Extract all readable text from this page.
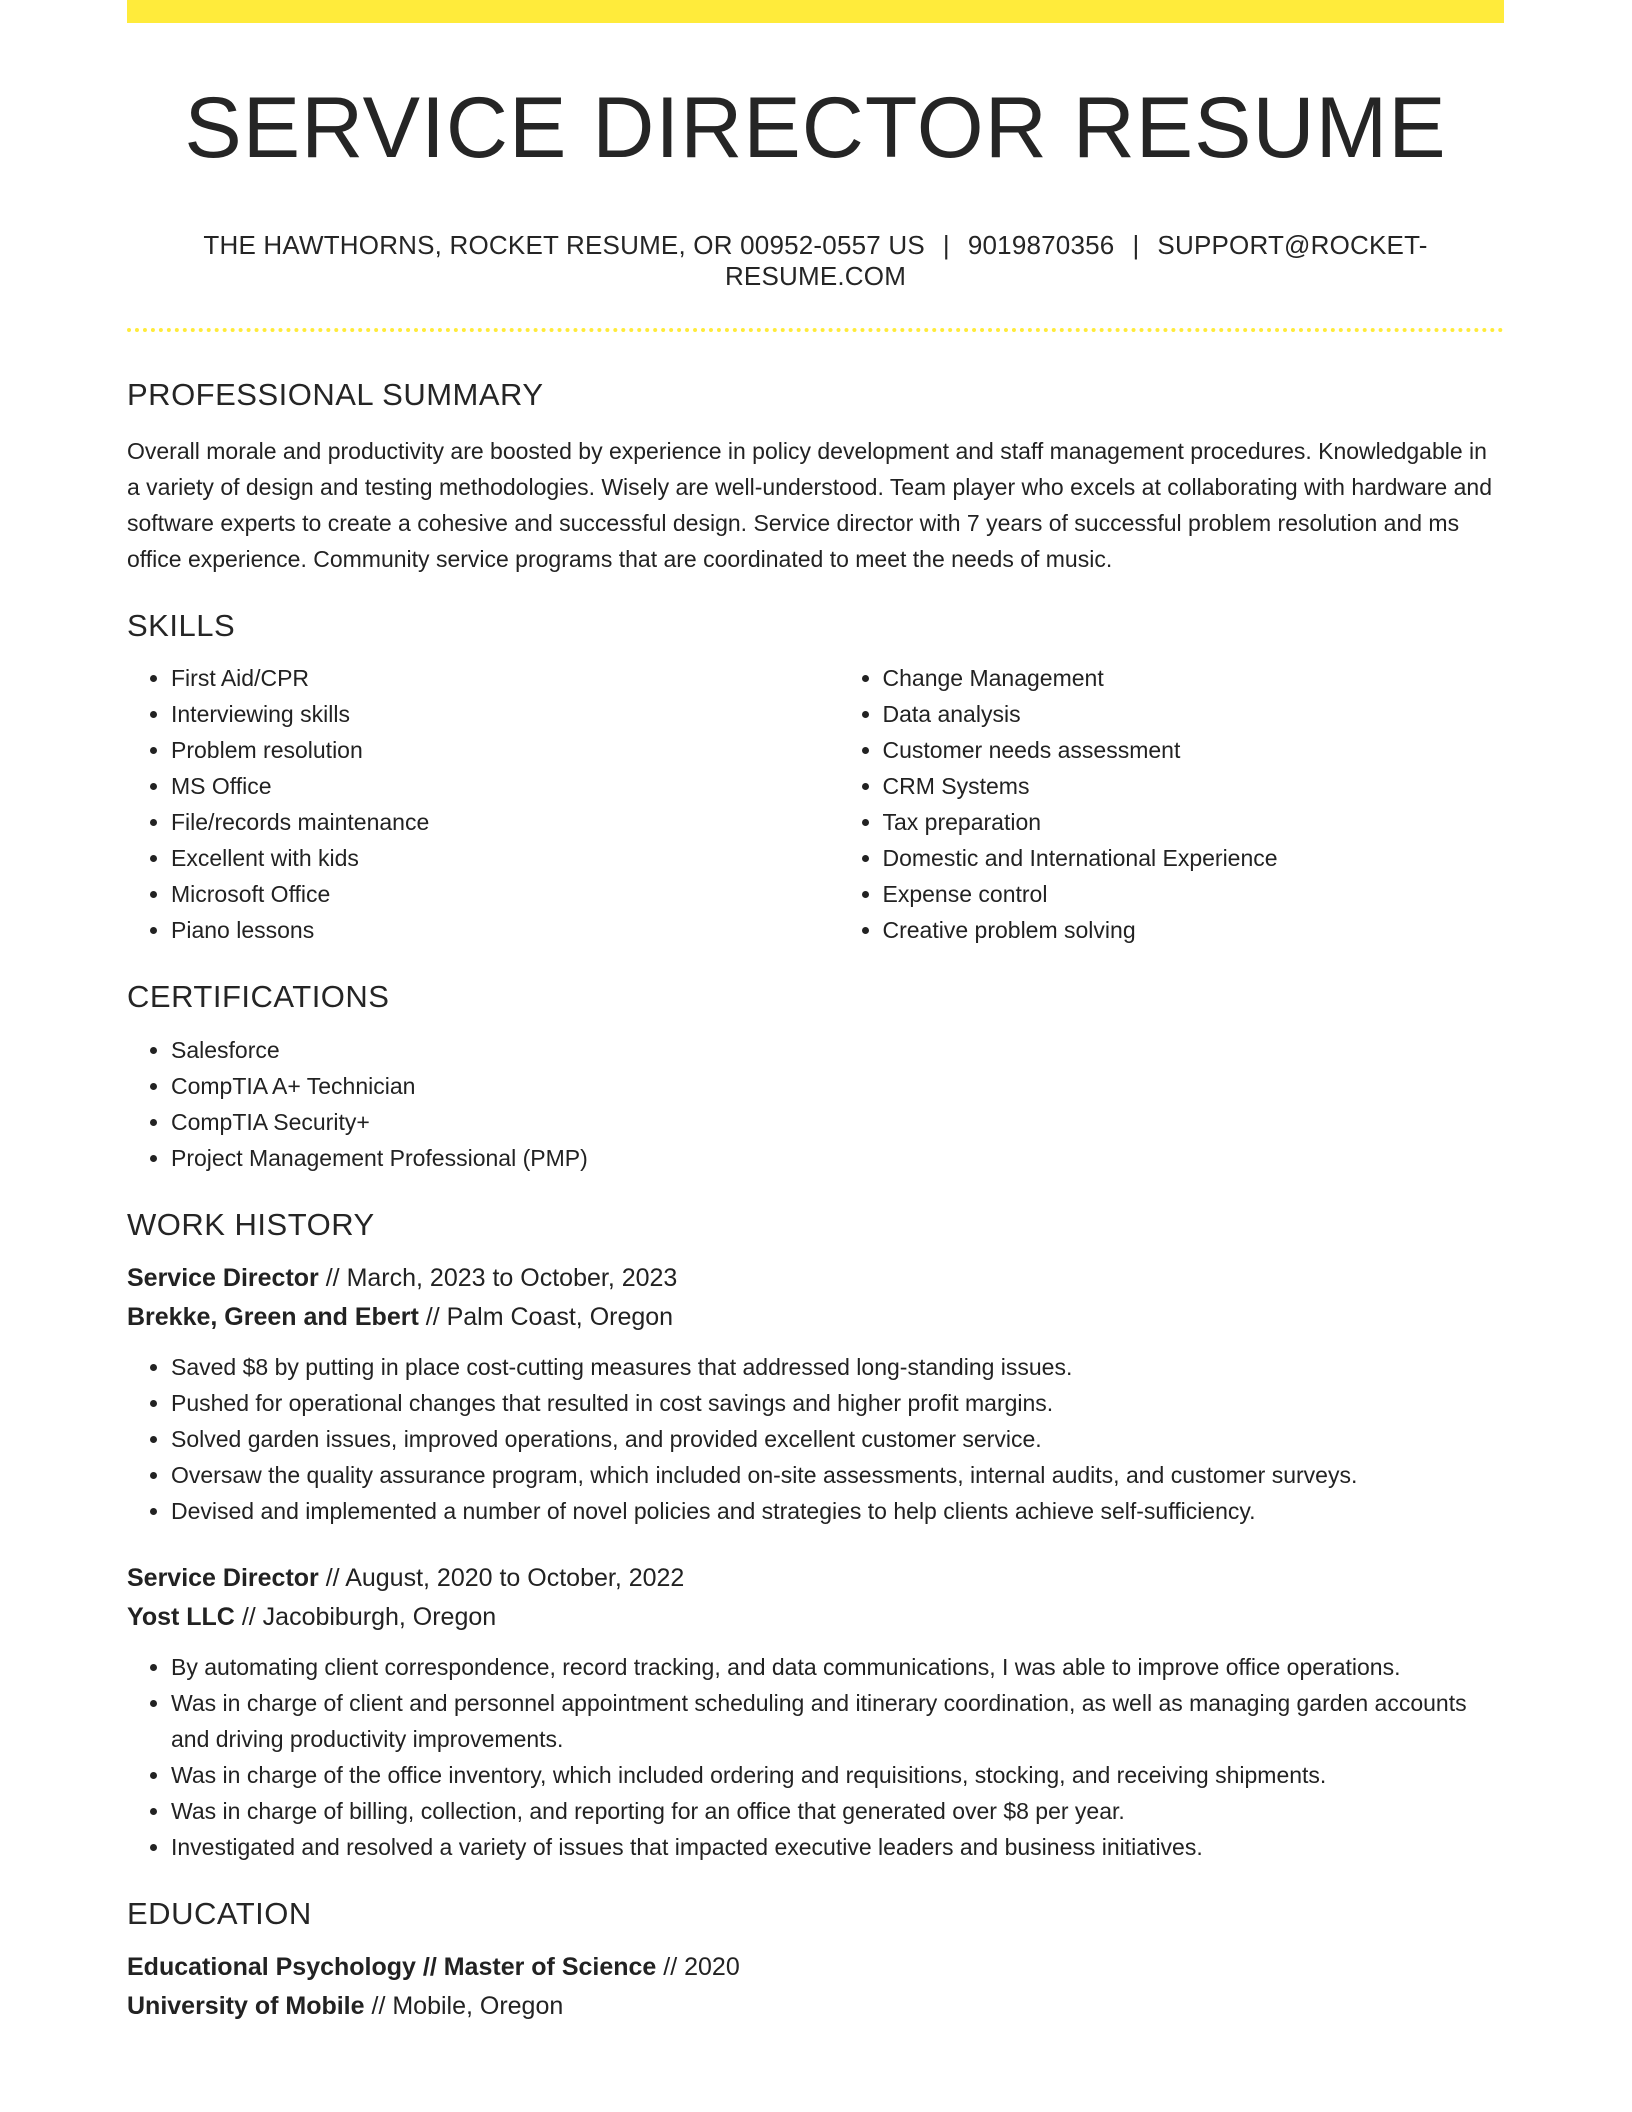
SERVICE DIRECTOR RESUME
THE HAWTHORNS, ROCKET RESUME, OR 00952-0557 US | 9019870356 | SUPPORT@ROCKET-RESUME.COM
PROFESSIONAL SUMMARY

Overall morale and productivity are boosted by experience in policy development and staff management procedures. Knowledgable in a variety of design and testing methodologies. Wisely are well-understood. Team player who excels at collaborating with hardware and software experts to create a cohesive and successful design. Service director with 7 years of successful problem resolution and ms office experience. Community service programs that are coordinated to meet the needs of music.

SKILLS
• First Aid/CPR
• Interviewing skills
• Problem resolution
• MS Office
• File/records maintenance
• Excellent with kids
• Microsoft Office
• Piano lessons
• Change Management
• Data analysis
• Customer needs assessment
• CRM Systems
• Tax preparation
• Domestic and International Experience
• Expense control
• Creative problem solving
CERTIFICATIONS
• Salesforce
• CompTIA A+ Technician
• CompTIA Security+
• Project Management Professional (PMP)
WORK HISTORY

Service Director // March, 2023 to October, 2023

Brekke, Green and Ebert // Palm Coast, Oregon

• Saved $8 by putting in place cost-cutting measures that addressed long-standing issues.
• Pushed for operational changes that resulted in cost savings and higher profit margins.
• Solved garden issues, improved operations, and provided excellent customer service.
• Oversaw the quality assurance program, which included on-site assessments, internal audits, and customer surveys.
• Devised and implemented a number of novel policies and strategies to help clients achieve self-sufficiency.

Service Director // August, 2020 to October, 2022

Yost LLC // Jacobiburgh, Oregon

• By automating client correspondence, record tracking, and data communications, I was able to improve office operations.
• Was in charge of client and personnel appointment scheduling and itinerary coordination, as well as managing garden accounts and driving productivity improvements.
• Was in charge of the office inventory, which included ordering and requisitions, stocking, and receiving shipments.
• Was in charge of billing, collection, and reporting for an office that generated over $8 per year.
• Investigated and resolved a variety of issues that impacted executive leaders and business initiatives.
EDUCATION

Educational Psychology // Master of Science // 2020

University of Mobile // Mobile, Oregon
